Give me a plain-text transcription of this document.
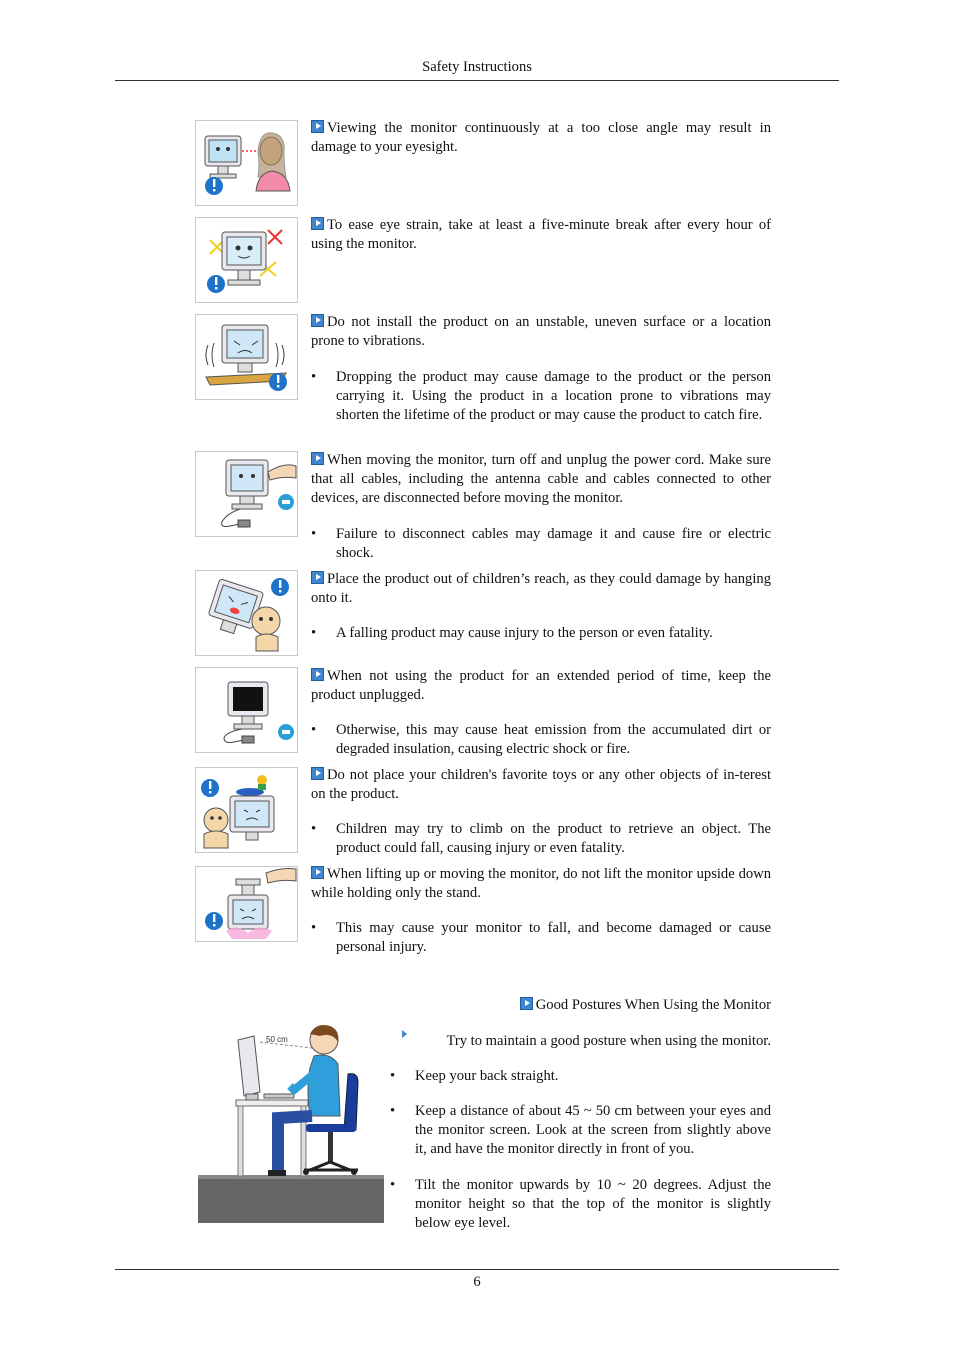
Safety Instructions

Viewing the monitor continuously at a too close angle may result in damage to your eyesight.

To ease eye strain, take at least a five-minute break after every hour of using the monitor.

Do not install the product on an unstable, uneven surface or a location prone to vibrations.

• Dropping the product may cause damage to the product or the person carrying it. Using the product in a location prone to vibrations may shorten the lifetime of the product or may cause the product to catch fire.

When moving the monitor, turn off and unplug the power cord. Make sure that all cables, including the antenna cable and cables connected to other devices, are disconnected before moving the monitor.

• Failure to disconnect cables may damage it and cause fire or electric shock.

Place the product out of children’s reach, as they could damage by hanging onto it.

• A falling product may cause injury to the person or even fatality.

When not using the product for an extended period of time, keep the product unplugged.

• Otherwise, this may cause heat emission from the accumulated dirt or degraded insulation, causing electric shock or fire.

Do not place your children's favorite toys or any other objects of in-terest on the product.

• Children may try to climb on the product to retrieve an object. The product could fall, causing injury or even fatality.

When lifting up or moving the monitor, do not lift the monitor upside down while holding only the stand.

• This may cause your monitor to fall, and become damaged or cause personal injury.

Good Postures When Using the Monitor
50 cm	Try to maintain a good posture when using the monitor.

• Keep your back straight.

• Keep a distance of about 45 ~ 50 cm between your eyes and the monitor screen. Look at the screen from slightly above it, and have the monitor directly in front of you.

• Tilt the monitor upwards by 10 ~ 20 degrees. Adjust the monitor height so that the top of the monitor is slightly below eye level.

6
